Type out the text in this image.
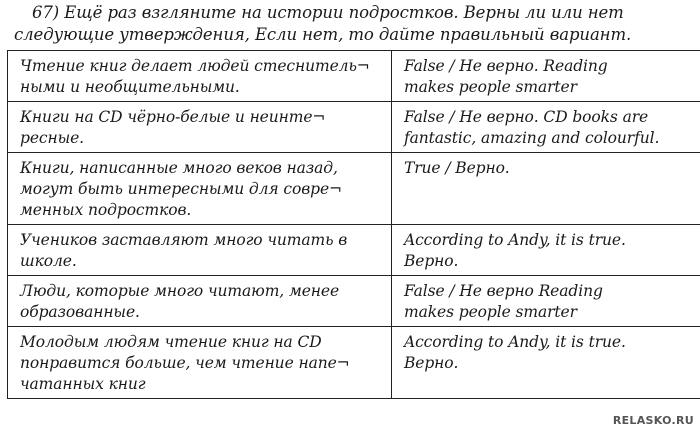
67) Ещё раз взгляните на истории подростков. Верны ли или нет
следующие утверждения, Если нет, то дайте правильный вариант.
Чтение книг делает людей стеснитель¬
ными и необщительными.	False / Не верно. Reading
makes people smarter

Книги на CD чёрно-белые и неинте¬
ресные.	False / Не верно. CD books are
fantastic, amazing and colourful.

Книги, написанные много веков назад,
могут быть интересными для совре¬
менных подростков.	True / Верно.

Учеников заставляют много читать в
школе.	According to Andy, it is true.
Верно.

Люди, которые много читают, менее
образованные.	False / Не верно Reading
makes people smarter

Молодым людям чтение книг на CD
понравится больше, чем чтение напе¬
чатанных книг	According to Andy, it is true.
Верно.
RELASKO.RU
